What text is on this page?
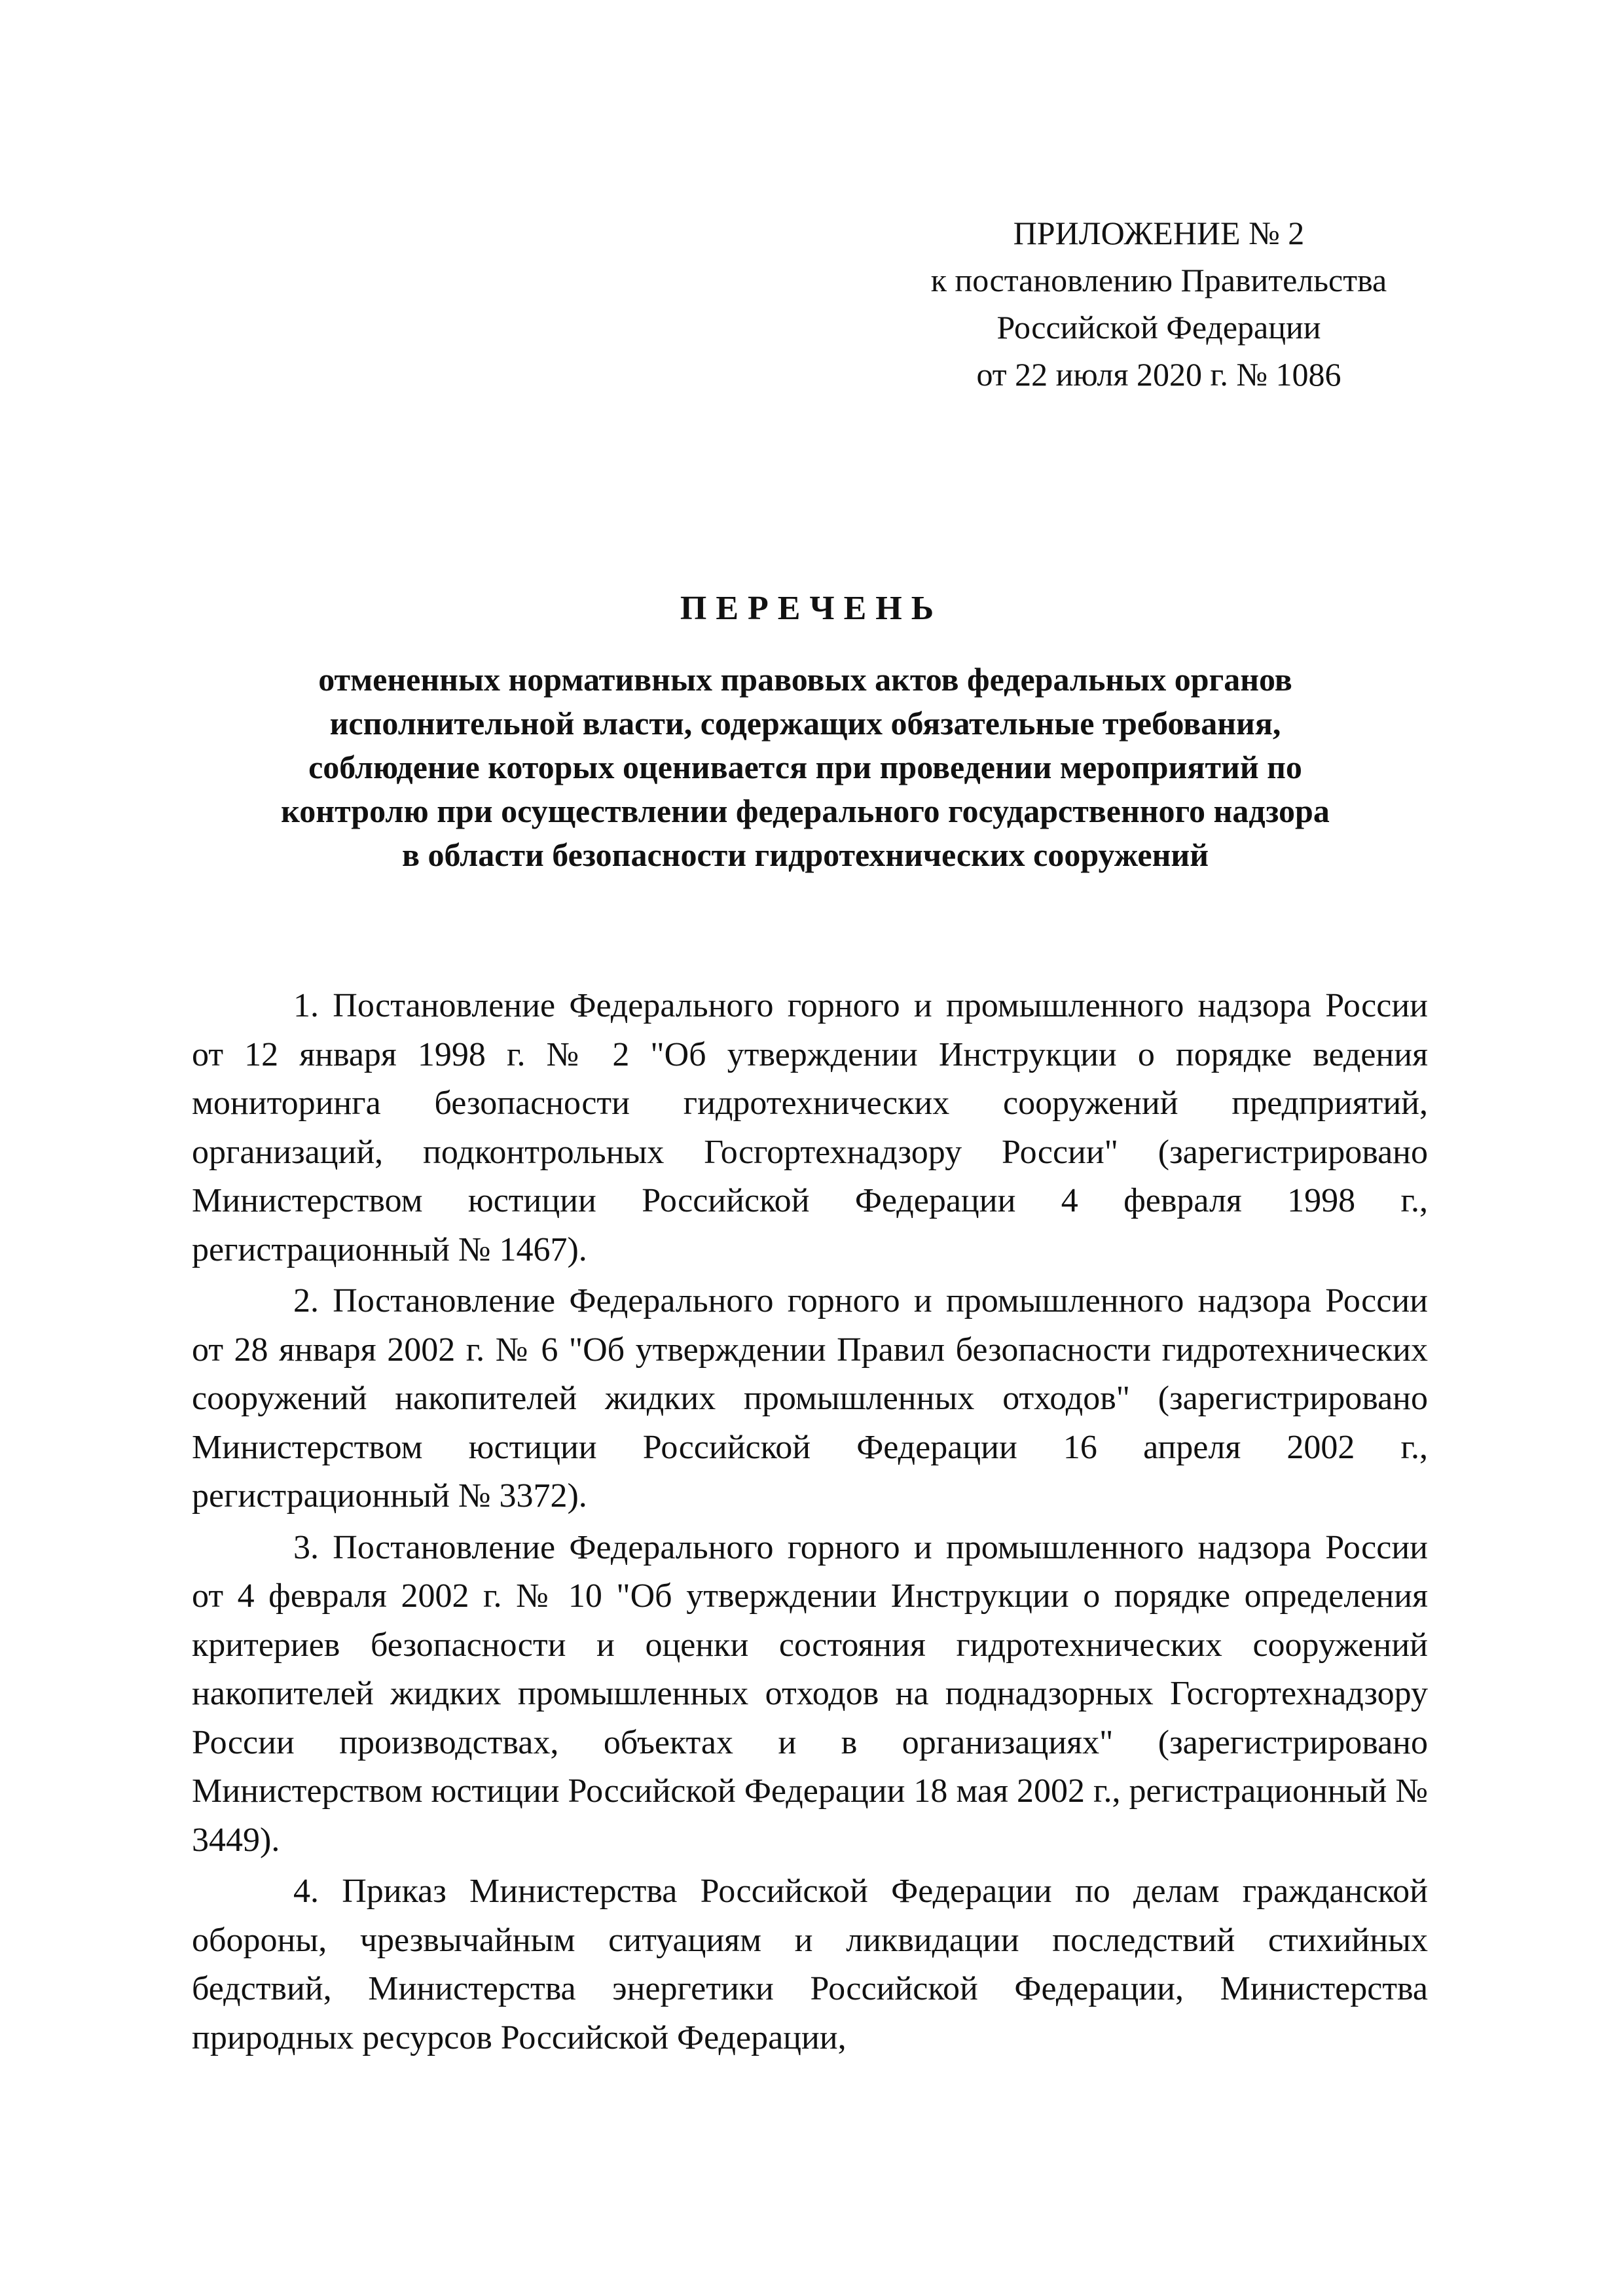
ПРИЛОЖЕНИЕ № 2
к постановлению Правительства
Российской Федерации
от 22 июля 2020 г. № 1086
ПЕРЕЧЕНЬ
отмененных нормативных правовых актов федеральных органов
исполнительной власти, содержащих обязательные требования,
соблюдение которых оценивается при проведении мероприятий по
контролю при осуществлении федерального государственного надзора
в области безопасности гидротехнических сооружений

1. Постановление Федерального горного и промышленного надзора России от 12 января 1998 г. № 2 "Об утверждении Инструкции о порядке ведения мониторинга безопасности гидротехнических сооружений предприятий, организаций, подконтрольных Госгортехнадзору России" (зарегистрировано Министерством юстиции Российской Федерации 4 февраля 1998 г., регистрационный № 1467).

2. Постановление Федерального горного и промышленного надзора России от 28 января 2002 г. № 6 "Об утверждении Правил безопасности гидротехнических сооружений накопителей жидких промышленных отходов" (зарегистрировано Министерством юстиции Российской Федерации 16 апреля 2002 г., регистрационный № 3372).

3. Постановление Федерального горного и промышленного надзора России от 4 февраля 2002 г. № 10 "Об утверждении Инструкции о порядке определения критериев безопасности и оценки состояния гидротехнических сооружений накопителей жидких промышленных отходов на поднадзорных Госгортехнадзору России производствах, объектах и в организациях" (зарегистрировано Министерством юстиции Российской Федерации 18 мая 2002 г., регистрационный № 3449).

4. Приказ Министерства Российской Федерации по делам гражданской обороны, чрезвычайным ситуациям и ликвидации последствий стихийных бедствий, Министерства энергетики Российской Федерации, Министерства природных ресурсов Российской Федерации,
